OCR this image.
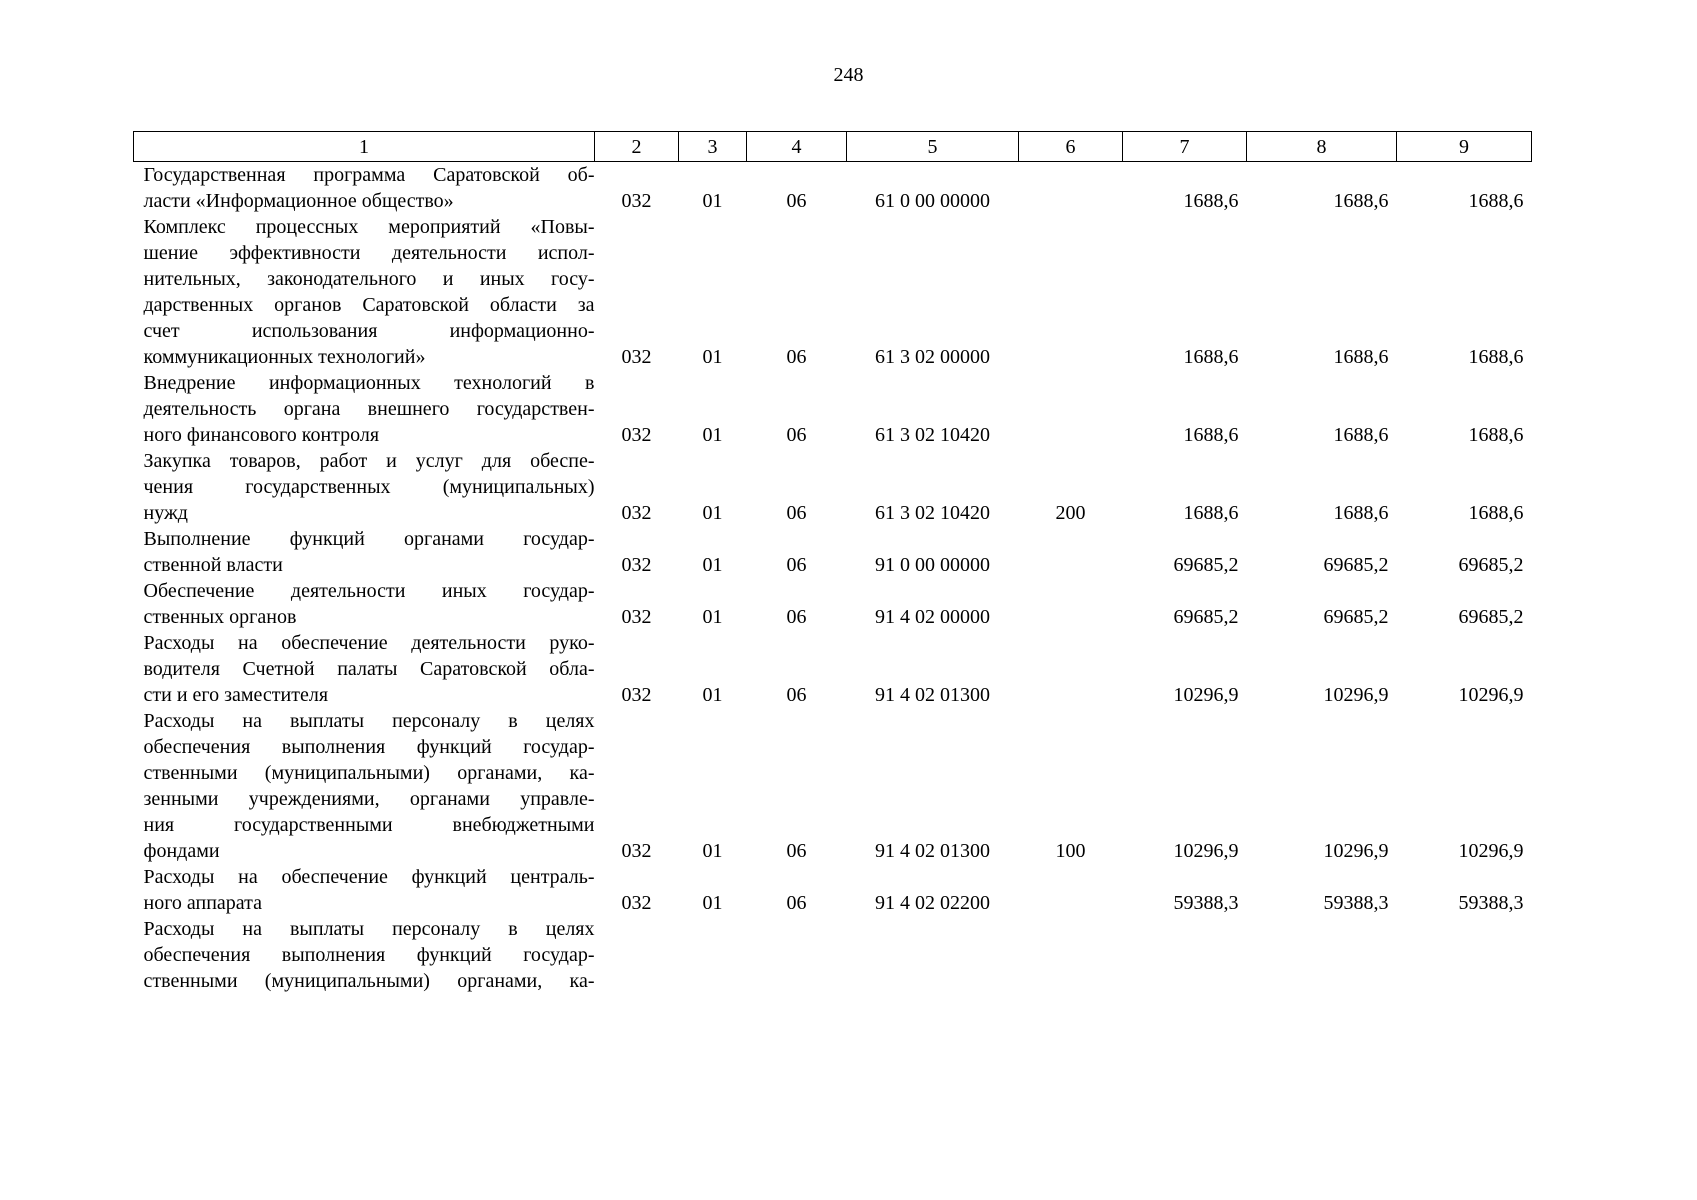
248
1	2	3	4	5	6	7	8	9

Государственная программа Саратовской об-
ласти «Информационное общество»	032	01	06	61 0 00 00000		1688,6	1688,6	1688,6

Комплекс процессных мероприятий «Повы-
шение эффективности деятельности испол-
нительных, законодательного и иных госу-
дарственных органов Саратовской области за
счет использования информационно-
коммуникационных технологий»	032	01	06	61 3 02 00000		1688,6	1688,6	1688,6

Внедрение информационных технологий в
деятельность органа внешнего государствен-
ного финансового контроля	032	01	06	61 3 02 10420		1688,6	1688,6	1688,6

Закупка товаров, работ и услуг для обеспе-
чения государственных (муниципальных)
нужд	032	01	06	61 3 02 10420	200	1688,6	1688,6	1688,6

Выполнение функций органами государ-
ственной власти	032	01	06	91 0 00 00000		69685,2	69685,2	69685,2

Обеспечение деятельности иных государ-
ственных органов	032	01	06	91 4 02 00000		69685,2	69685,2	69685,2

Расходы на обеспечение деятельности руко-
водителя Счетной палаты Саратовской обла-
сти и его заместителя	032	01	06	91 4 02 01300		10296,9	10296,9	10296,9

Расходы на выплаты персоналу в целях
обеспечения выполнения функций государ-
ственными (муниципальными) органами, ка-
зенными учреждениями, органами управле-
ния государственными внебюджетными
фондами	032	01	06	91 4 02 01300	100	10296,9	10296,9	10296,9

Расходы на обеспечение функций централь-
ного аппарата	032	01	06	91 4 02 02200		59388,3	59388,3	59388,3

Расходы на выплаты персоналу в целях
обеспечения выполнения функций государ-
ственными (муниципальными) органами, ка-
